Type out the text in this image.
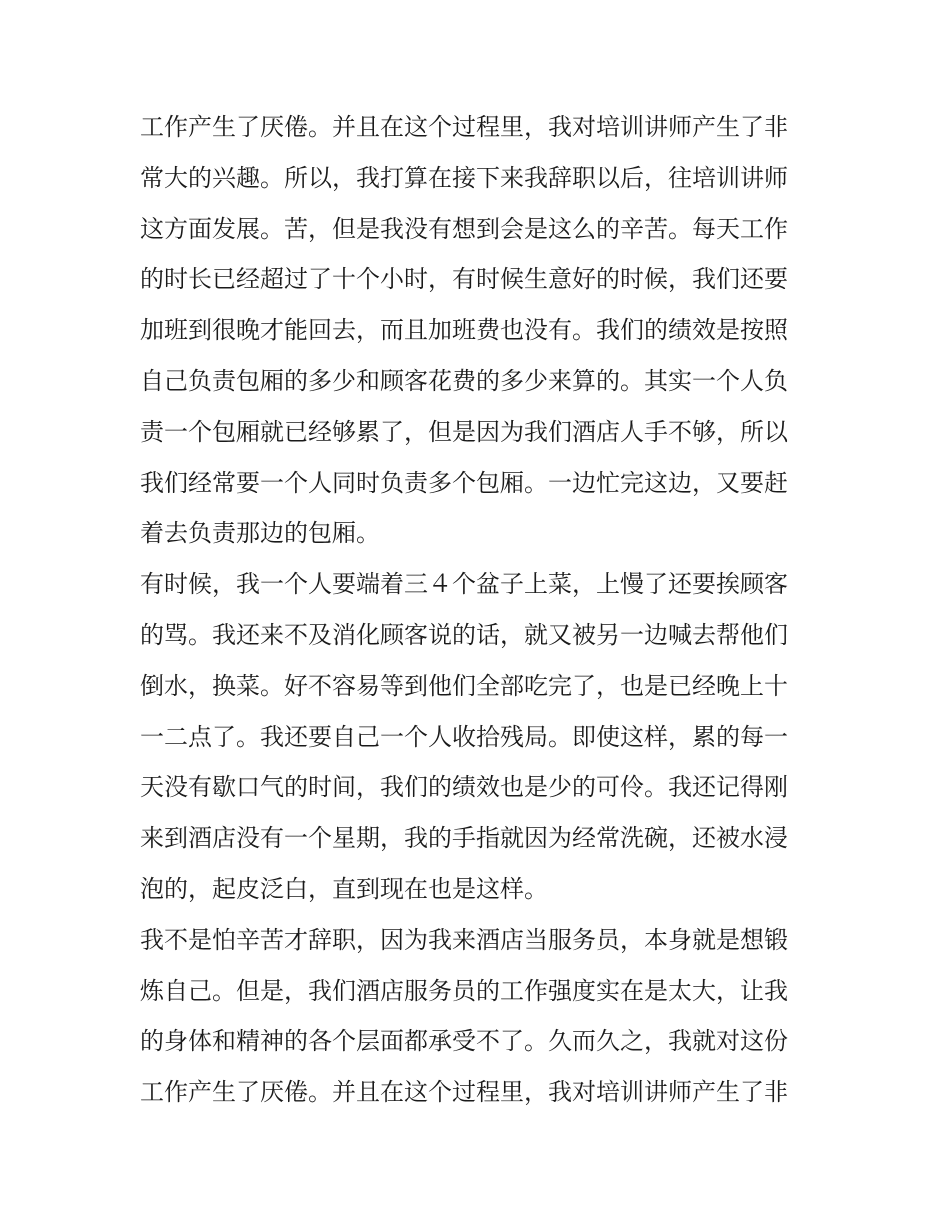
工作产生了厌倦。并且在这个过程里，我对培训讲师产生了非
常大的兴趣。所以，我打算在接下来我辞职以后，往培训讲师
这方面发展。苦，但是我没有想到会是这么的辛苦。每天工作
的时长已经超过了十个小时，有时候生意好的时候，我们还要
加班到很晚才能回去，而且加班费也没有。我们的绩效是按照
自己负责包厢的多少和顾客花费的多少来算的。其实一个人负
责一个包厢就已经够累了，但是因为我们酒店人手不够，所以
我们经常要一个人同时负责多个包厢。一边忙完这边，又要赶
着去负责那边的包厢。
有时候，我一个人要端着三４个盆子上菜，上慢了还要挨顾客
的骂。我还来不及消化顾客说的话，就又被另一边喊去帮他们
倒水，换菜。好不容易等到他们全部吃完了，也是已经晚上十
一二点了。我还要自己一个人收拾残局。即使这样，累的每一
天没有歇口气的时间，我们的绩效也是少的可伶。我还记得刚
来到酒店没有一个星期，我的手指就因为经常洗碗，还被水浸
泡的，起皮泛白，直到现在也是这样。
我不是怕辛苦才辞职，因为我来酒店当服务员，本身就是想锻
炼自己。但是，我们酒店服务员的工作强度实在是太大，让我
的身体和精神的各个层面都承受不了。久而久之，我就对这份
工作产生了厌倦。并且在这个过程里，我对培训讲师产生了非
